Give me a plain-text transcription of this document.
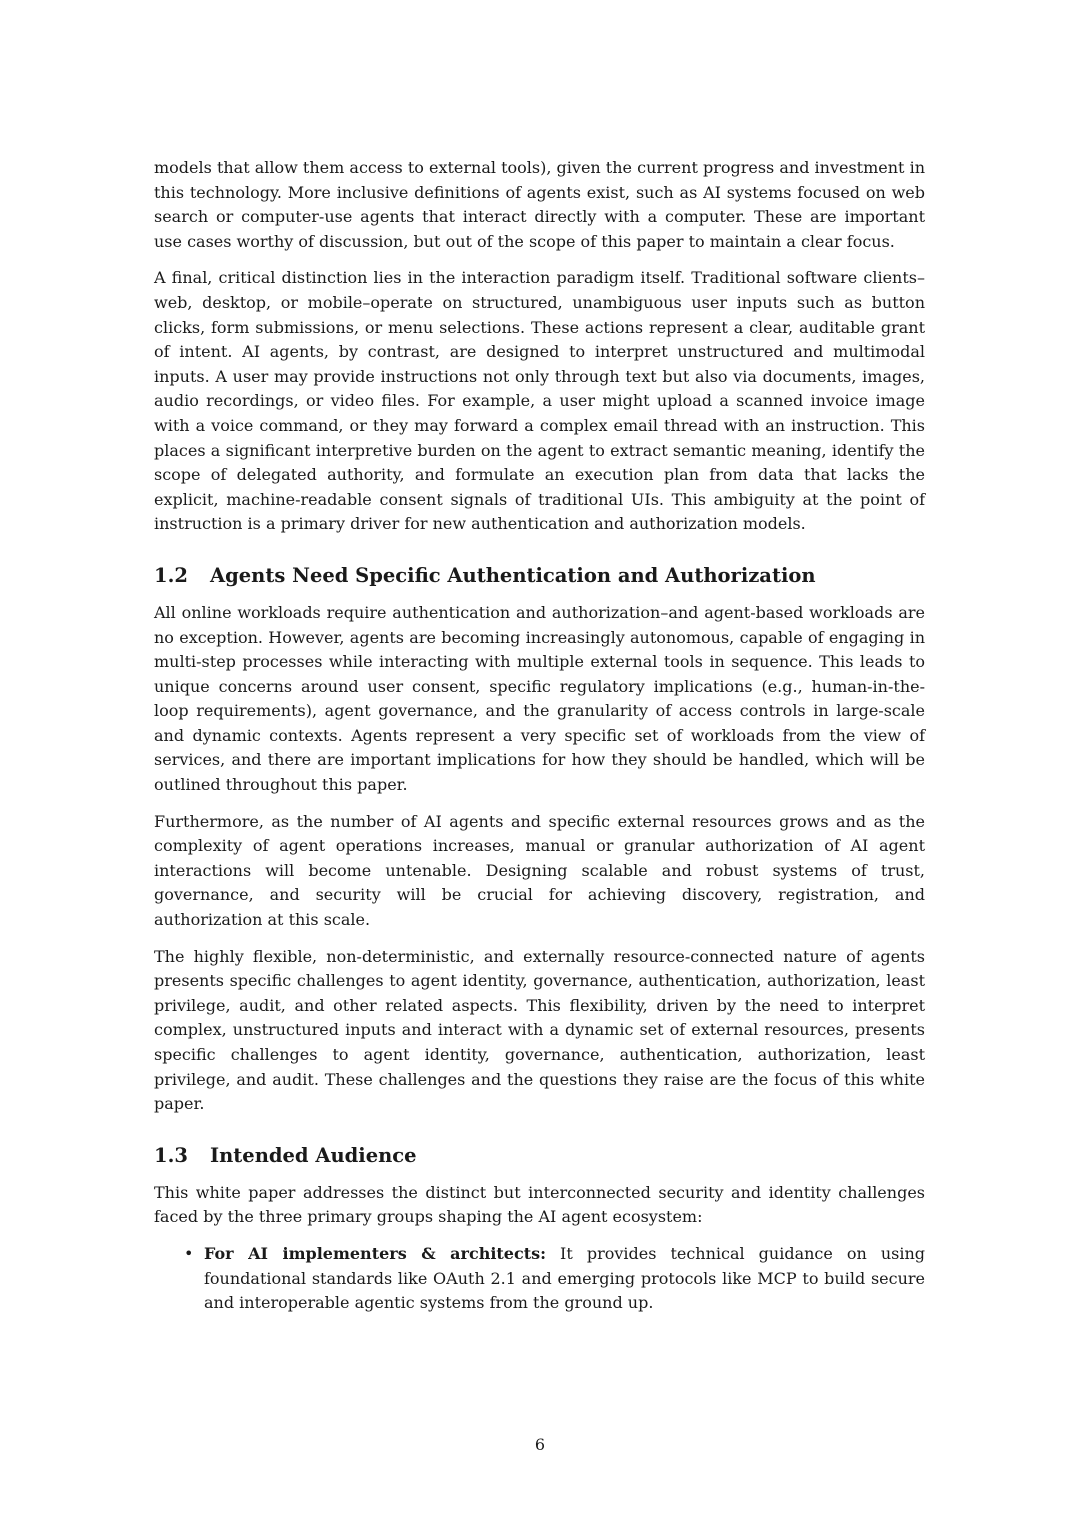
models that allow them access to external tools), given the current progress and investment in this technology. More inclusive definitions of agents exist, such as AI systems focused on web search or computer-use agents that interact directly with a computer. These are important use cases worthy of discussion, but out of the scope of this paper to maintain a clear focus.

A final, critical distinction lies in the interaction paradigm itself. Traditional software clients–web, desktop, or mobile–operate on structured, unambiguous user inputs such as button clicks, form submissions, or menu selections. These actions represent a clear, auditable grant of intent. AI agents, by contrast, are designed to interpret unstructured and multimodal inputs. A user may provide instructions not only through text but also via documents, images, audio recordings, or video files. For example, a user might upload a scanned invoice image with a voice command, or they may forward a complex email thread with an instruction. This places a significant interpretive burden on the agent to extract semantic meaning, identify the scope of delegated authority, and formulate an execution plan from data that lacks the explicit, machine-readable consent signals of traditional UIs. This ambiguity at the point of instruction is a primary driver for new authentication and authorization models.

1.2 Agents Need Specific Authentication and Authorization

All online workloads require authentication and authorization–and agent-based workloads are no exception. However, agents are becoming increasingly autonomous, capable of engaging in multi-step processes while interacting with multiple external tools in sequence. This leads to unique concerns around user consent, specific regulatory implications (e.g., human-in-the-loop requirements), agent governance, and the granularity of access controls in large-scale and dynamic contexts. Agents represent a very specific set of workloads from the view of services, and there are important implications for how they should be handled, which will be outlined throughout this paper.

Furthermore, as the number of AI agents and specific external resources grows and as the complexity of agent operations increases, manual or granular authorization of AI agent interactions will become untenable. Designing scalable and robust systems of trust, governance, and security will be crucial for achieving discovery, registration, and authorization at this scale.

The highly flexible, non-deterministic, and externally resource-connected nature of agents presents specific challenges to agent identity, governance, authentication, authorization, least privilege, audit, and other related aspects. This flexibility, driven by the need to interpret complex, unstructured inputs and interact with a dynamic set of external resources, presents specific challenges to agent identity, governance, authentication, authorization, least privilege, and audit. These challenges and the questions they raise are the focus of this white paper.

1.3 Intended Audience

This white paper addresses the distinct but interconnected security and identity challenges faced by the three primary groups shaping the AI agent ecosystem:

• For AI implementers & architects: It provides technical guidance on using foundational standards like OAuth 2.1 and emerging protocols like MCP to build secure and interoperable agentic systems from the ground up.
6
